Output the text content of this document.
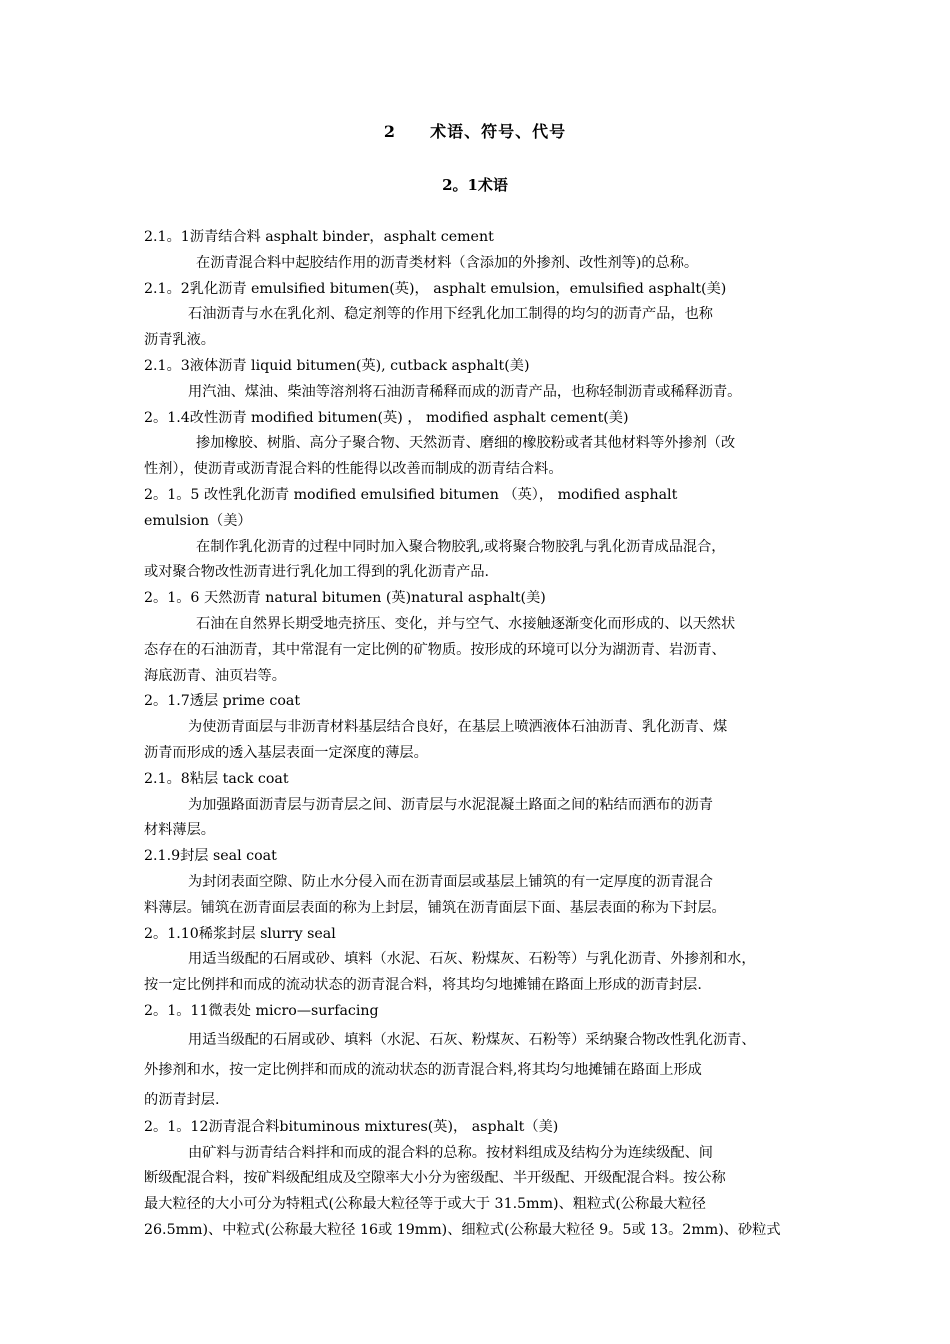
2 术语、符号、代号
2。1术语
2.1。1沥青结合料 asphalt binder，asphalt cement
在沥青混合料中起胶结作用的沥青类材料（含添加的外掺剂、改性剂等)的总称。
2.1。2乳化沥青 emulsified bitumen(英)， asphalt emulsion，emulsified asphalt(美)
石油沥青与水在乳化剂、稳定剂等的作用下经乳化加工制得的均匀的沥青产品，也称
沥青乳液。
2.1。3液体沥青 liquid bitumen(英), cutback asphalt(美)
用汽油、煤油、柴油等溶剂将石油沥青稀释而成的沥青产品，也称轻制沥青或稀释沥青。
2。1.4改性沥青 modified bitumen(英) ， modified asphalt cement(美)
掺加橡胶、树脂、高分子聚合物、天然沥青、磨细的橡胶粉或者其他材料等外掺剂（改
性剂），使沥青或沥青混合料的性能得以改善而制成的沥青结合料。
2。1。5 改性乳化沥青 modified emulsified bitumen （英）， modified asphalt
emulsion（美）
在制作乳化沥青的过程中同时加入聚合物胶乳,或将聚合物胶乳与乳化沥青成品混合，
或对聚合物改性沥青进行乳化加工得到的乳化沥青产品.
2。1。6 天然沥青 natural bitumen (英)natural asphalt(美)
石油在自然界长期受地壳挤压、变化，并与空气、水接触逐渐变化而形成的、以天然状
态存在的石油沥青，其中常混有一定比例的矿物质。按形成的环境可以分为湖沥青、岩沥青、
海底沥青、油页岩等。
2。1.7透层 prime coat
为使沥青面层与非沥青材料基层结合良好，在基层上喷洒液体石油沥青、乳化沥青、煤
沥青而形成的透入基层表面一定深度的薄层。
2.1。8粘层 tack coat
为加强路面沥青层与沥青层之间、沥青层与水泥混凝土路面之间的粘结而洒布的沥青
材料薄层。
2.1.9封层 seal coat
为封闭表面空隙、防止水分侵入而在沥青面层或基层上铺筑的有一定厚度的沥青混合
料薄层。铺筑在沥青面层表面的称为上封层，铺筑在沥青面层下面、基层表面的称为下封层。
2。1.10稀浆封层 slurry seal
用适当级配的石屑或砂、填料（水泥、石灰、粉煤灰、石粉等）与乳化沥青、外掺剂和水，
按一定比例拌和而成的流动状态的沥青混合料，将其均匀地摊铺在路面上形成的沥青封层.
2。1。11微表处 micro—surfacing
用适当级配的石屑或砂、填料（水泥、石灰、粉煤灰、石粉等）采纳聚合物改性乳化沥青、
外掺剂和水，按一定比例拌和而成的流动状态的沥青混合料,将其均匀地摊铺在路面上形成
的沥青封层.
2。1。12沥青混合料bituminous mixtures(英)， asphalt（美)
由矿料与沥青结合料拌和而成的混合料的总称。按材料组成及结构分为连续级配、间
断级配混合料，按矿料级配组成及空隙率大小分为密级配、半开级配、开级配混合料。按公称
最大粒径的大小可分为特粗式(公称最大粒径等于或大于 31.5mm)、粗粒式(公称最大粒径
26.5mm)、中粒式(公称最大粒径 16或 19mm)、细粒式(公称最大粒径 9。5或 13。2mm)、砂粒式
